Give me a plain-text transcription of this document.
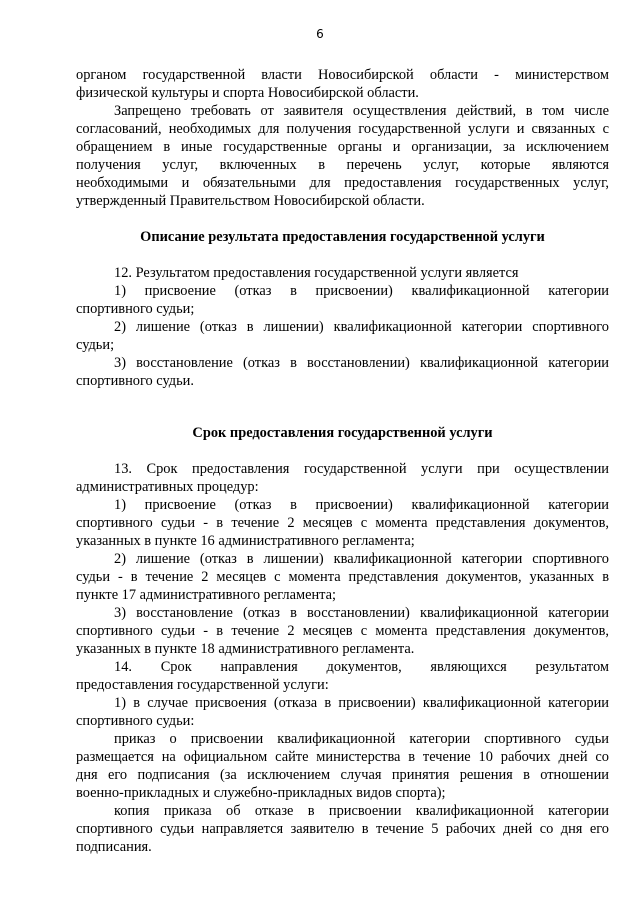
6
органом государственной власти Новосибирской области - министерством
физической культуры и спорта Новосибирской области.
Запрещено требовать от заявителя осуществления действий, в том числе
согласований, необходимых для получения государственной услуги и связанных с
обращением в иные государственные органы и организации, за исключением
получения услуг, включенных в перечень услуг, которые являются
необходимыми и обязательными для предоставления государственных услуг,
утвержденный Правительством Новосибирской области.
Описание результата предоставления государственной услуги
12. Результатом предоставления государственной услуги является
1) присвоение (отказ в присвоении) квалификационной категории
спортивного судьи;
2) лишение (отказ в лишении) квалификационной категории спортивного
судьи;
3) восстановление (отказ в восстановлении) квалификационной категории
спортивного судьи.
Срок предоставления государственной услуги
13. Срок предоставления государственной услуги при осуществлении
административных процедур:
1) присвоение (отказ в присвоении) квалификационной категории
спортивного судьи - в течение 2 месяцев с момента представления документов,
указанных в пункте 16 административного регламента;
2) лишение (отказ в лишении) квалификационной категории спортивного
судьи - в течение 2 месяцев с момента представления документов, указанных в
пункте 17 административного регламента;
3) восстановление (отказ в восстановлении) квалификационной категории
спортивного судьи - в течение 2 месяцев с момента представления документов,
указанных в пункте 18 административного регламента.
14. Срок направления документов, являющихся результатом
предоставления государственной услуги:
1) в случае присвоения (отказа в присвоении) квалификационной категории
спортивного судьи:
приказ о присвоении квалификационной категории спортивного судьи
размещается на официальном сайте министерства в течение 10 рабочих дней со
дня его подписания (за исключением случая принятия решения в отношении
военно-прикладных и служебно-прикладных видов спорта);
копия приказа об отказе в присвоении квалификационной категории
спортивного судьи направляется заявителю в течение 5 рабочих дней со дня его
подписания.
